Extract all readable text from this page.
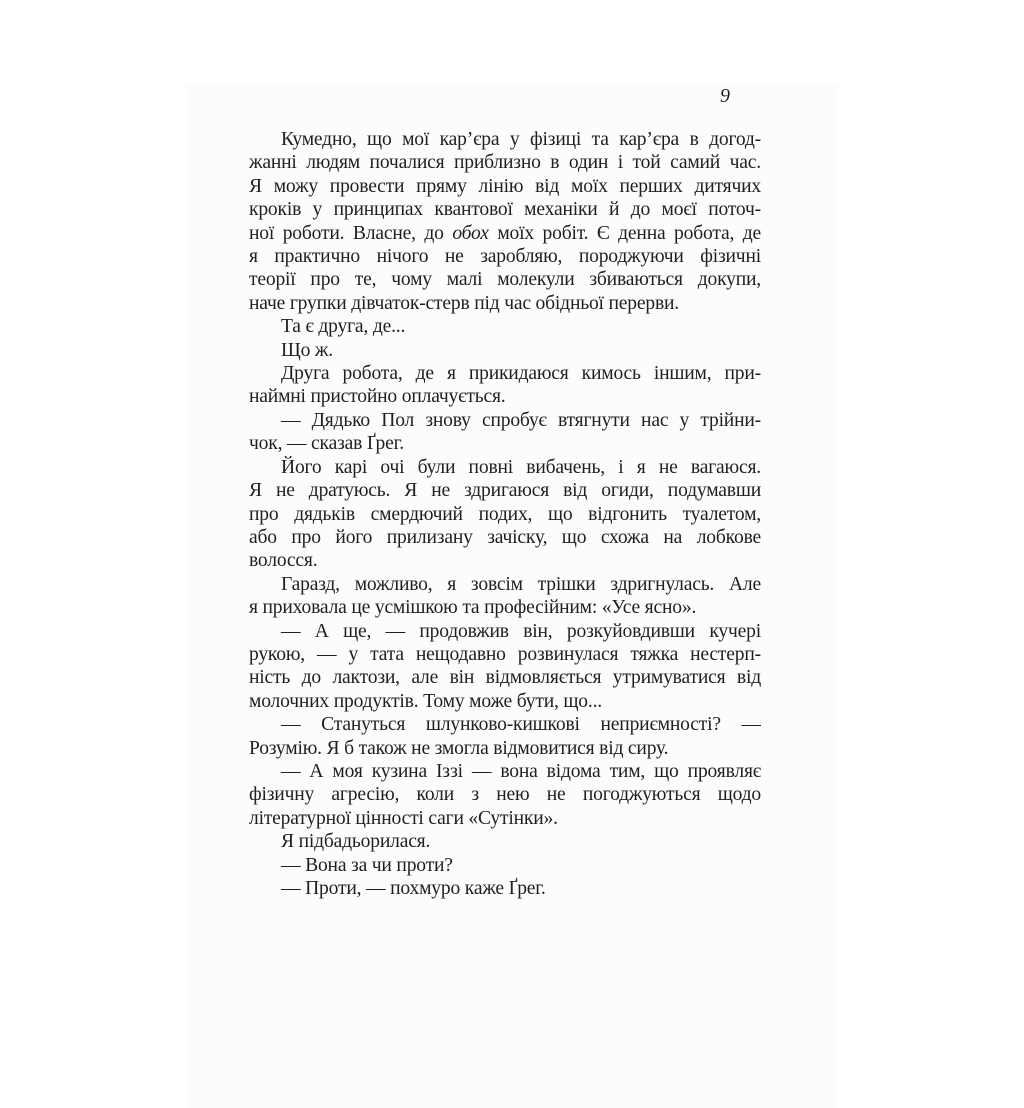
9
Кумедно, що мої кар’єра у фізиці та кар’єра в догод-
жанні людям почалися приблизно в один і той самий час.
Я можу провести пряму лінію від моїх перших дитячих
кроків у принципах квантової механіки й до моєї поточ-
ної роботи. Власне, до обох моїх робіт. Є денна робота, де
я практично нічого не заробляю, породжуючи фізичні
теорії про те, чому малі молекули збиваються докупи,
наче групки дівчаток-стерв під час обідньої перерви.
Та є друга, де...
Що ж.
Друга робота, де я прикидаюся кимось іншим, при-
наймні пристойно оплачується.
— Дядько Пол знову спробує втягнути нас у трійни-
чок, — сказав Ґрег.
Його карі очі були повні вибачень, і я не вагаюся.
Я не дратуюсь. Я не здригаюся від огиди, подумавши
про дядьків смердючий подих, що відгонить туалетом,
або про його прилизану зачіску, що схожа на лобкове
волосся.
Гаразд, можливо, я зовсім трішки здригнулась. Але
я приховала це усмішкою та професійним: «Усе ясно».
— А ще, — продовжив він, розкуйовдивши кучері
рукою, — у тата нещодавно розвинулася тяжка нестерп-
ність до лактози, але він відмовляється утримуватися від
молочних продуктів. Тому може бути, що...
— Стануться шлунково-кишкові неприємності? —
Розумію. Я б також не змогла відмовитися від сиру.
— А моя кузина Іззі — вона відома тим, що проявляє
фізичну агресію, коли з нею не погоджуються щодо
літературної цінності саги «Сутінки».
Я підбадьорилася.
— Вона за чи проти?
— Проти, — похмуро каже Ґрег.
